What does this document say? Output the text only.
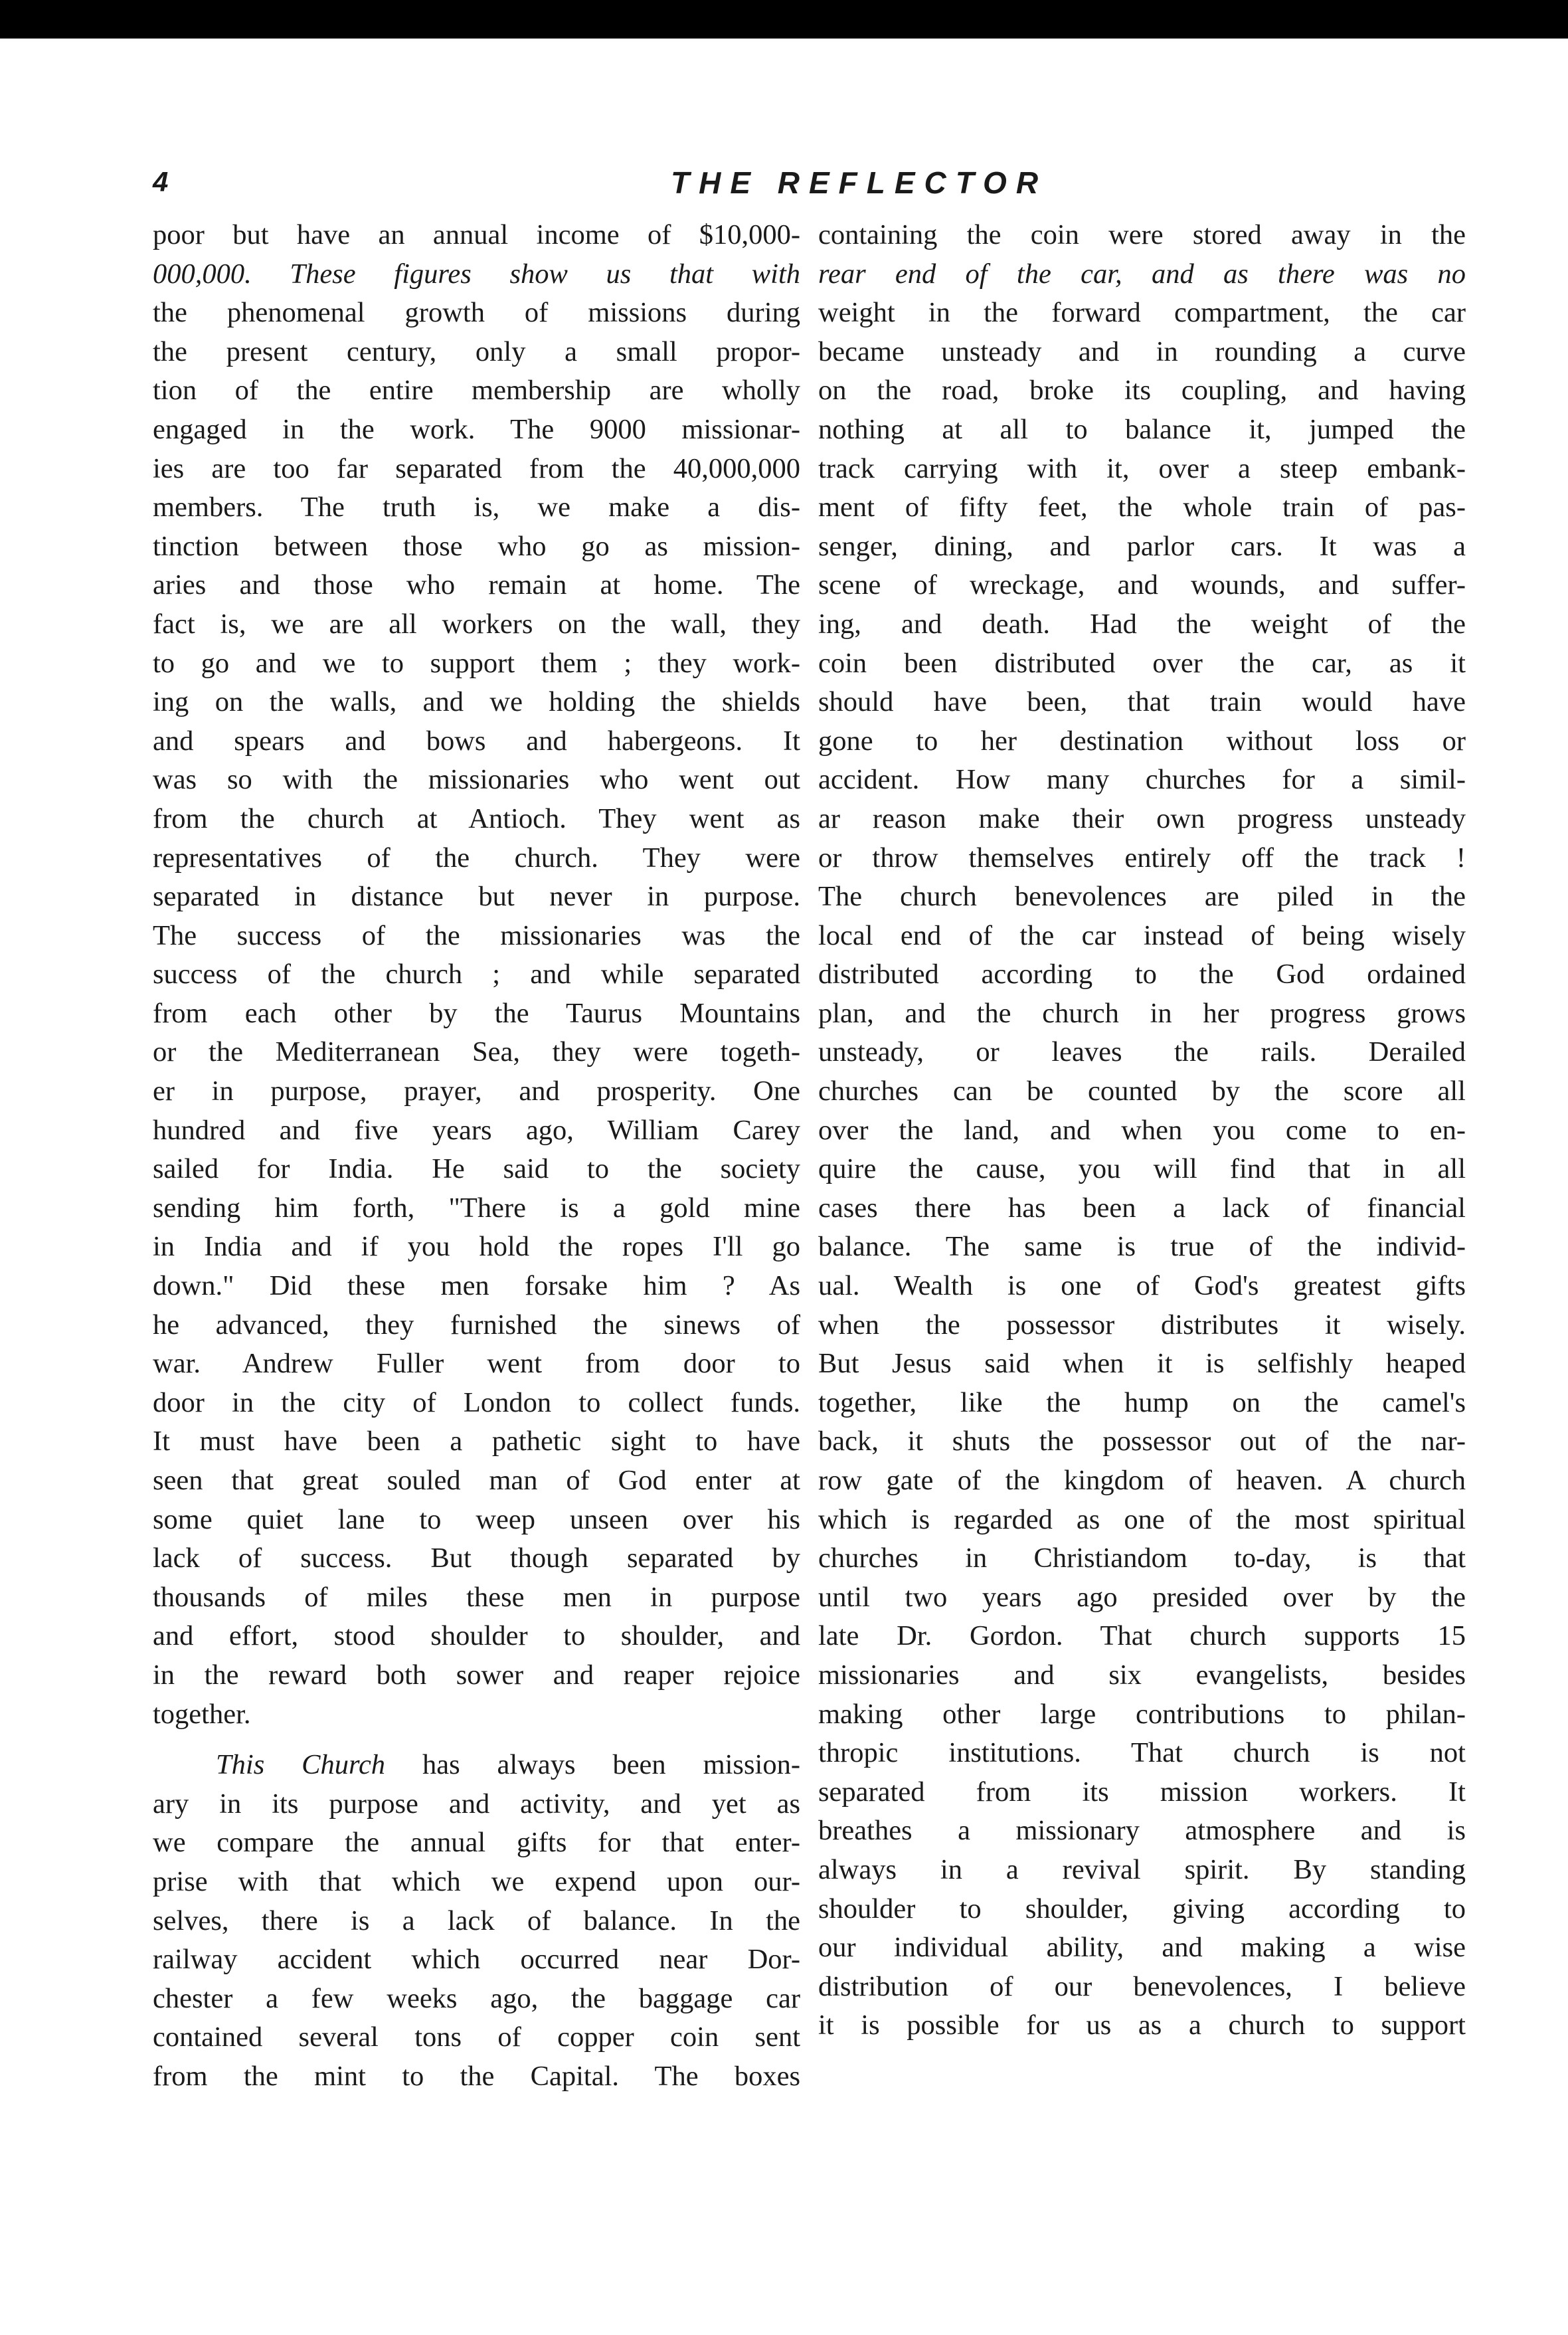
4	THE REFLECTOR
poor but have an annual income of $10,000-
000,000. These figures show us that with
the phenomenal growth of missions during
the present century, only a small propor-
tion of the entire membership are wholly
engaged in the work. The 9000 missionar-
ies are too far separated from the 40,000,000
members. The truth is, we make a dis-
tinction between those who go as mission-
aries and those who remain at home. The
fact is, we are all workers on the wall, they
to go and we to support them ; they work-
ing on the walls, and we holding the shields
and spears and bows and habergeons. It
was so with the missionaries who went out
from the church at Antioch. They went as
representatives of the church. They were
separated in distance but never in purpose.
The success of the missionaries was the
success of the church ; and while separated
from each other by the Taurus Mountains
or the Mediterranean Sea, they were togeth-
er in purpose, prayer, and prosperity. One
hundred and five years ago, William Carey
sailed for India. He said to the society
sending him forth, "There is a gold mine
in India and if you hold the ropes I'll go
down." Did these men forsake him ? As
he advanced, they furnished the sinews of
war. Andrew Fuller went from door to
door in the city of London to collect funds.
It must have been a pathetic sight to have
seen that great souled man of God enter at
some quiet lane to weep unseen over his
lack of success. But though separated by
thousands of miles these men in purpose
and effort, stood shoulder to shoulder, and
in the reward both sower and reaper rejoice
together.
This Church has always been mission-
ary in its purpose and activity, and yet as
we compare the annual gifts for that enter-
prise with that which we expend upon our-
selves, there is a lack of balance. In the
railway accident which occurred near Dor-
chester a few weeks ago, the baggage car
contained several tons of copper coin sent
from the mint to the Capital. The boxes
containing the coin were stored away in the
rear end of the car, and as there was no
weight in the forward compartment, the car
became unsteady and in rounding a curve
on the road, broke its coupling, and having
nothing at all to balance it, jumped the
track carrying with it, over a steep embank-
ment of fifty feet, the whole train of pas-
senger, dining, and parlor cars. It was a
scene of wreckage, and wounds, and suffer-
ing, and death. Had the weight of the
coin been distributed over the car, as it
should have been, that train would have
gone to her destination without loss or
accident. How many churches for a simil-
ar reason make their own progress unsteady
or throw themselves entirely off the track !
The church benevolences are piled in the
local end of the car instead of being wisely
distributed according to the God ordained
plan, and the church in her progress grows
unsteady, or leaves the rails. Derailed
churches can be counted by the score all
over the land, and when you come to en-
quire the cause, you will find that in all
cases there has been a lack of financial
balance. The same is true of the individ-
ual. Wealth is one of God's greatest gifts
when the possessor distributes it wisely.
But Jesus said when it is selfishly heaped
together, like the hump on the camel's
back, it shuts the possessor out of the nar-
row gate of the kingdom of heaven. A church
which is regarded as one of the most spiritual
churches in Christiandom to-day, is that
until two years ago presided over by the
late Dr. Gordon. That church supports 15
missionaries and six evangelists, besides
making other large contributions to philan-
thropic institutions. That church is not
separated from its mission workers. It
breathes a missionary atmosphere and is
always in a revival spirit. By standing
shoulder to shoulder, giving according to
our individual ability, and making a wise
distribution of our benevolences, I believe
it is possible for us as a church to support
